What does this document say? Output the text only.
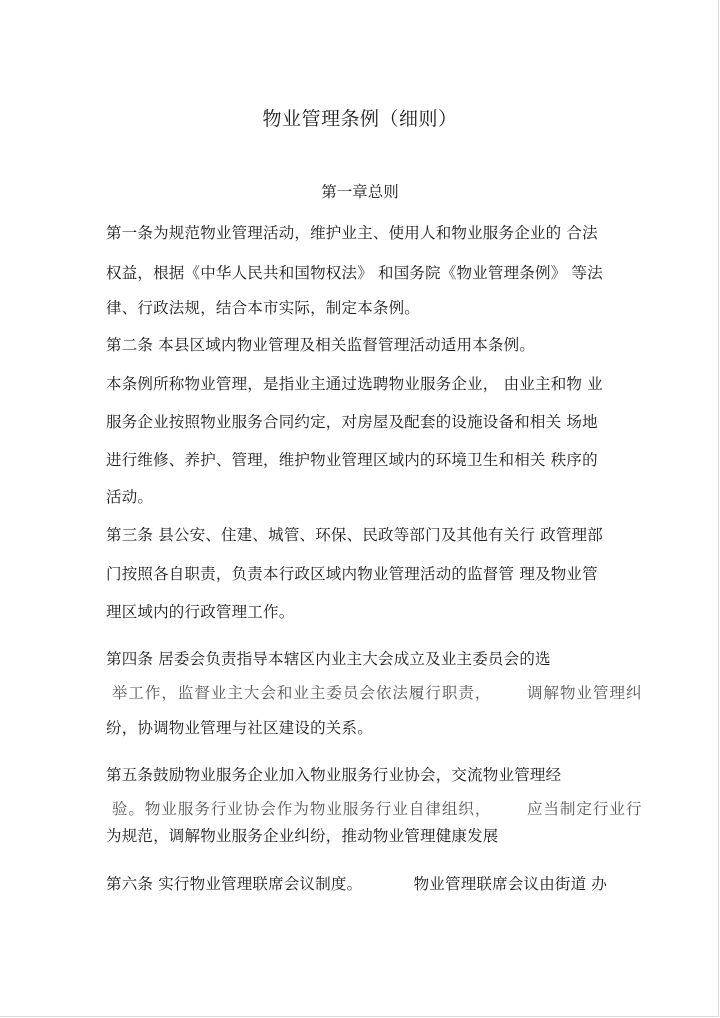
物业管理条例（细则）
第一章总则
第一条为规范物业管理活动，维护业主、使用人和物业服务企业的 合法
权益，根据《中华人民共和国物权法》 和国务院《物业管理条例》 等法
律、行政法规，结合本市实际，制定本条例。
第二条 本县区域内物业管理及相关监督管理活动适用本条例。
本条例所称物业管理，是指业主通过选聘物业服务企业， 由业主和物 业
服务企业按照物业服务合同约定，对房屋及配套的设施设备和相关 场地
进行维修、养护、管理，维护物业管理区域内的环境卫生和相关 秩序的
活动。
第三条 县公安、住建、城管、环保、民政等部门及其他有关行 政管理部
门按照各自职责，负责本行政区域内物业管理活动的监督管 理及物业管
理区域内的行政管理工作。
第四条 居委会负责指导本辖区内业主大会成立及业主委员会的选
举工作，监督业主大会和业主委员会依法履行职责，      调解物业管理纠
纷，协调物业管理与社区建设的关系。
第五条鼓励物业服务企业加入物业服务行业协会，交流物业管理经
验。物业服务行业协会作为物业服务行业自律组织，      应当制定行业行
为规范，调解物业服务企业纠纷，推动物业管理健康发展
第六条 实行物业管理联席会议制度。          物业管理联席会议由街道 办
